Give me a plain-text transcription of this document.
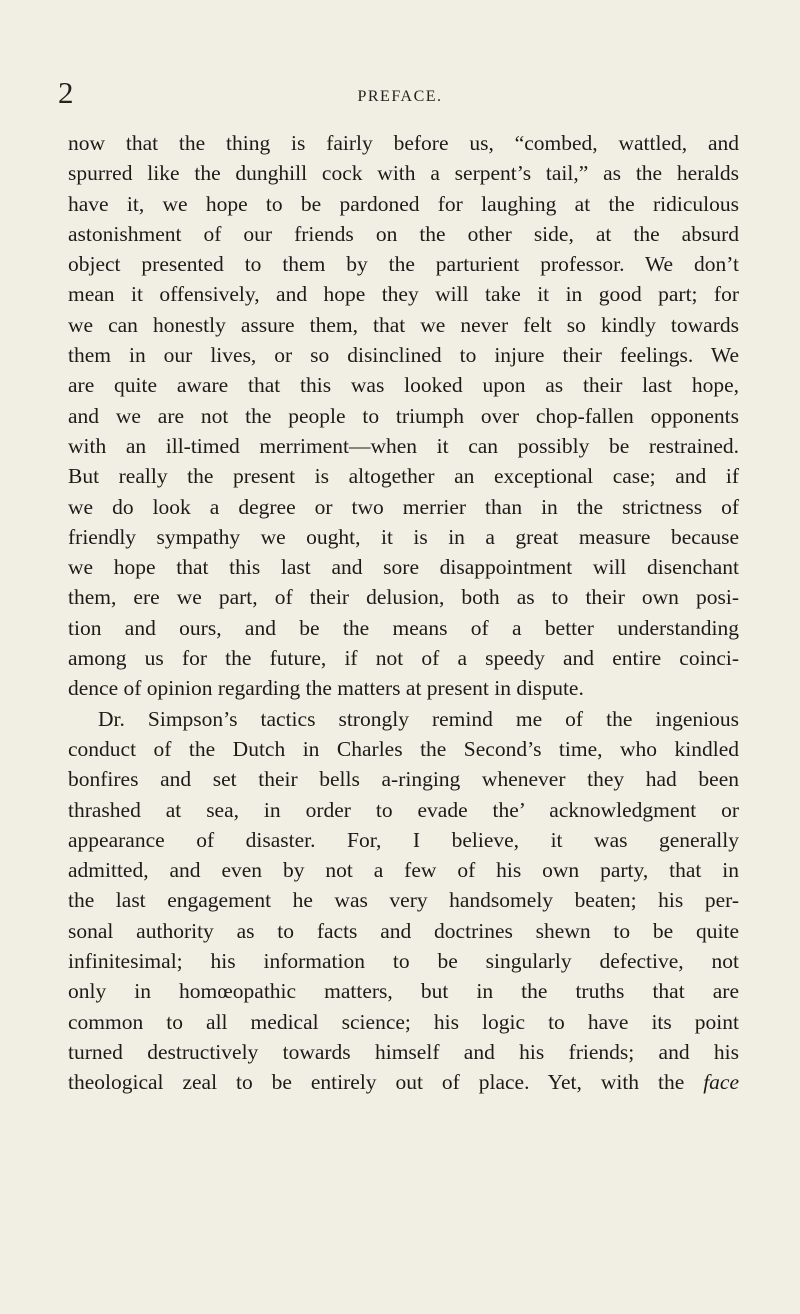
2	PREFACE.
now that the thing is fairly before us, “combed, wattled, and
spurred like the dunghill cock with a serpent’s tail,” as the heralds
have it, we hope to be pardoned for laughing at the ridiculous
astonishment of our friends on the other side, at the absurd
object presented to them by the parturient professor. We don’t
mean it offensively, and hope they will take it in good part; for
we can honestly assure them, that we never felt so kindly towards
them in our lives, or so disinclined to injure their feelings. We
are quite aware that this was looked upon as their last hope,
and we are not the people to triumph over chop-fallen opponents
with an ill-timed merriment—when it can possibly be restrained.
But really the present is altogether an exceptional case; and if
we do look a degree or two merrier than in the strictness of
friendly sympathy we ought, it is in a great measure because
we hope that this last and sore disappointment will disenchant
them, ere we part, of their delusion, both as to their own posi-
tion and ours, and be the means of a better understanding
among us for the future, if not of a speedy and entire coinci-
dence of opinion regarding the matters at present in dispute.
Dr. Simpson’s tactics strongly remind me of the ingenious
conduct of the Dutch in Charles the Second’s time, who kindled
bonfires and set their bells a-ringing whenever they had been
thrashed at sea, in order to evade the’ acknowledgment or
appearance of disaster. For, I believe, it was generally
admitted, and even by not a few of his own party, that in
the last engagement he was very handsomely beaten; his per-
sonal authority as to facts and doctrines shewn to be quite
infinitesimal; his information to be singularly defective, not
only in homœopathic matters, but in the truths that are
common to all medical science; his logic to have its point
turned destructively towards himself and his friends; and his
theological zeal to be entirely out of place. Yet, with the face
